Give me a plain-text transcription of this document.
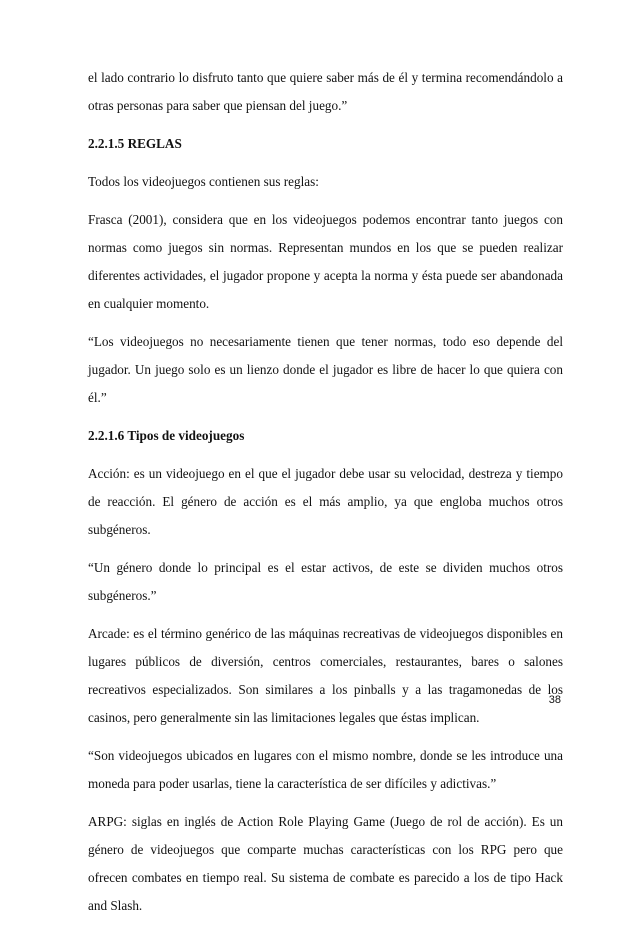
el lado contrario lo disfruto tanto que quiere saber más de él y termina recomendándolo a otras personas para saber que piensan del juego.”

2.2.1.5 REGLAS

Todos los videojuegos contienen sus reglas:

Frasca (2001), considera que en los videojuegos podemos encontrar tanto juegos con normas como juegos sin normas. Representan mundos en los que se pueden realizar diferentes actividades, el jugador propone y acepta la norma y ésta puede ser abandonada en cualquier momento.

“Los videojuegos no necesariamente tienen que tener normas, todo eso depende del jugador. Un juego solo es un lienzo donde el jugador es libre de hacer lo que quiera con él.”

2.2.1.6 Tipos de videojuegos

Acción: es un videojuego en el que el jugador debe usar su velocidad, destreza y tiempo de reacción. El género de acción es el más amplio, ya que engloba muchos otros subgéneros.

“Un género donde lo principal es el estar activos, de este se dividen muchos otros subgéneros.”

Arcade: es el término genérico de las máquinas recreativas de videojuegos disponibles en lugares públicos de diversión, centros comerciales, restaurantes, bares o salones recreativos especializados. Son similares a los pinballs y a las tragamonedas de los casinos, pero generalmente sin las limitaciones legales que éstas implican.

“Son videojuegos ubicados en lugares con el mismo nombre, donde se les introduce una moneda para poder usarlas, tiene la característica de ser difíciles y adictivas.”

ARPG: siglas en inglés de Action Role Playing Game (Juego de rol de acción). Es un género de videojuegos que comparte muchas características con los RPG pero que ofrecen combates en tiempo real. Su sistema de combate es parecido a los de tipo Hack and Slash.

38
